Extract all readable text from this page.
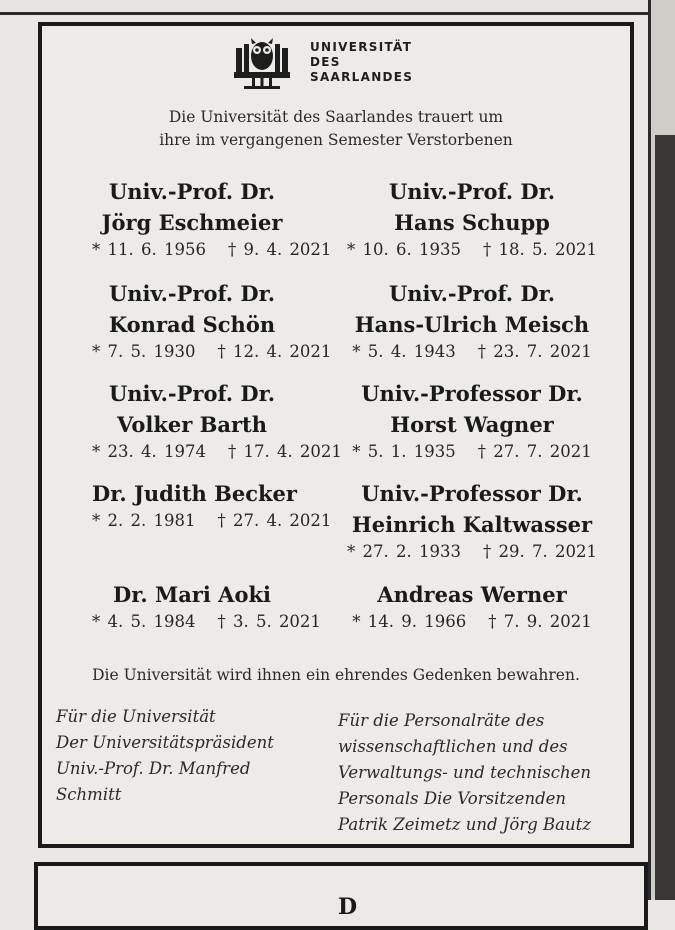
UNIVERSITÄT
DES
SAARLANDES
Die Universität des Saarlandes trauert um
ihre im vergangenen Semester Verstorbenen
Univ.-Prof. Dr.
Jörg Eschmeier
* 11. 6. 1956 † 9. 4. 2021
Univ.-Prof. Dr.
Hans Schupp
* 10. 6. 1935 † 18. 5. 2021
Univ.-Prof. Dr.
Konrad Schön
* 7. 5. 1930 † 12. 4. 2021
Univ.-Prof. Dr.
Hans-Ulrich Meisch
* 5. 4. 1943 † 23. 7. 2021
Univ.-Prof. Dr.
Volker Barth
* 23. 4. 1974 † 17. 4. 2021
Univ.-Professor Dr.
Horst Wagner
* 5. 1. 1935 † 27. 7. 2021
Dr. Judith Becker
* 2. 2. 1981 † 27. 4. 2021
Univ.-Professor Dr.
Heinrich Kaltwasser
* 27. 2. 1933 † 29. 7. 2021
Dr. Mari Aoki
* 4. 5. 1984 † 3. 5. 2021
Andreas Werner
* 14. 9. 1966 † 7. 9. 2021
Die Universität wird ihnen ein ehrendes Gedenken bewahren.
Für die Universität
Der Universitätspräsident
Univ.-Prof. Dr. Manfred
Schmitt
Für die Personalräte des
wissenschaftlichen und des
Verwaltungs- und technischen
Personals Die Vorsitzenden
Patrik Zeimetz und Jörg Bautz
D
